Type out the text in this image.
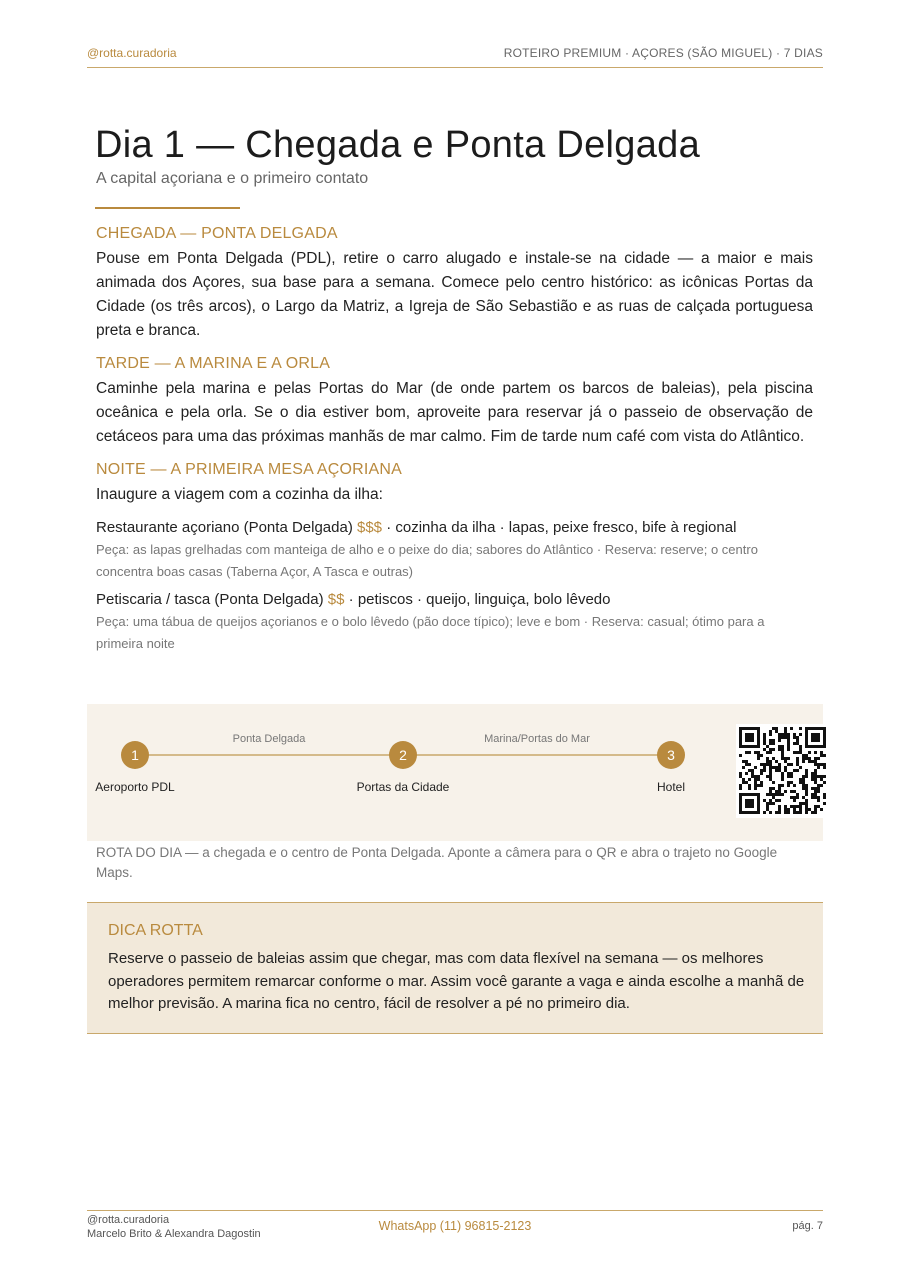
@rotta.curadoria	ROTEIRO PREMIUM · AÇORES (SÃO MIGUEL) · 7 DIAS
Dia 1 — Chegada e Ponta Delgada
A capital açoriana e o primeiro contato
CHEGADA — PONTA DELGADA

Pouse em Ponta Delgada (PDL), retire o carro alugado e instale-se na cidade — a maior e mais animada dos Açores, sua base para a semana. Comece pelo centro histórico: as icônicas Portas da Cidade (os três arcos), o Largo da Matriz, a Igreja de São Sebastião e as ruas de calçada portuguesa preta e branca.

TARDE — A MARINA E A ORLA

Caminhe pela marina e pelas Portas do Mar (de onde partem os barcos de baleias), pela piscina oceânica e pela orla. Se o dia estiver bom, aproveite para reservar já o passeio de observação de cetáceos para uma das próximas manhãs de mar calmo. Fim de tarde num café com vista do Atlântico.

NOITE — A PRIMEIRA MESA AÇORIANA

Inaugure a viagem com a cozinha da ilha:

Restaurante açoriano (Ponta Delgada) $$$ · cozinha da ilha · lapas, peixe fresco, bife à regional
Peça: as lapas grelhadas com manteiga de alho e o peixe do dia; sabores do Atlântico · Reserva: reserve; o centro concentra boas casas (Taberna Açor, A Tasca e outras)
Petiscaria / tasca (Ponta Delgada) $$ · petiscos · queijo, linguiça, bolo lêvedo
Peça: uma tábua de queijos açorianos e o bolo lêvedo (pão doce típico); leve e bom · Reserva: casual; ótimo para a primeira noite
Ponta Delgada	Marina/Portas do Mar
1	2	3
Aeroporto PDL	Portas da Cidade	Hotel
ROTA DO DIA — a chegada e o centro de Ponta Delgada. Aponte a câmera para o QR e abra o trajeto no Google Maps.
DICA ROTTA
Reserve o passeio de baleias assim que chegar, mas com data flexível na semana — os melhores operadores permitem remarcar conforme o mar. Assim você garante a vaga e ainda escolhe a manhã de melhor previsão. A marina fica no centro, fácil de resolver a pé no primeiro dia.
@rotta.curadoria
Marcelo Brito & Alexandra Dagostin
WhatsApp (11) 96815-2123	pág. 7
